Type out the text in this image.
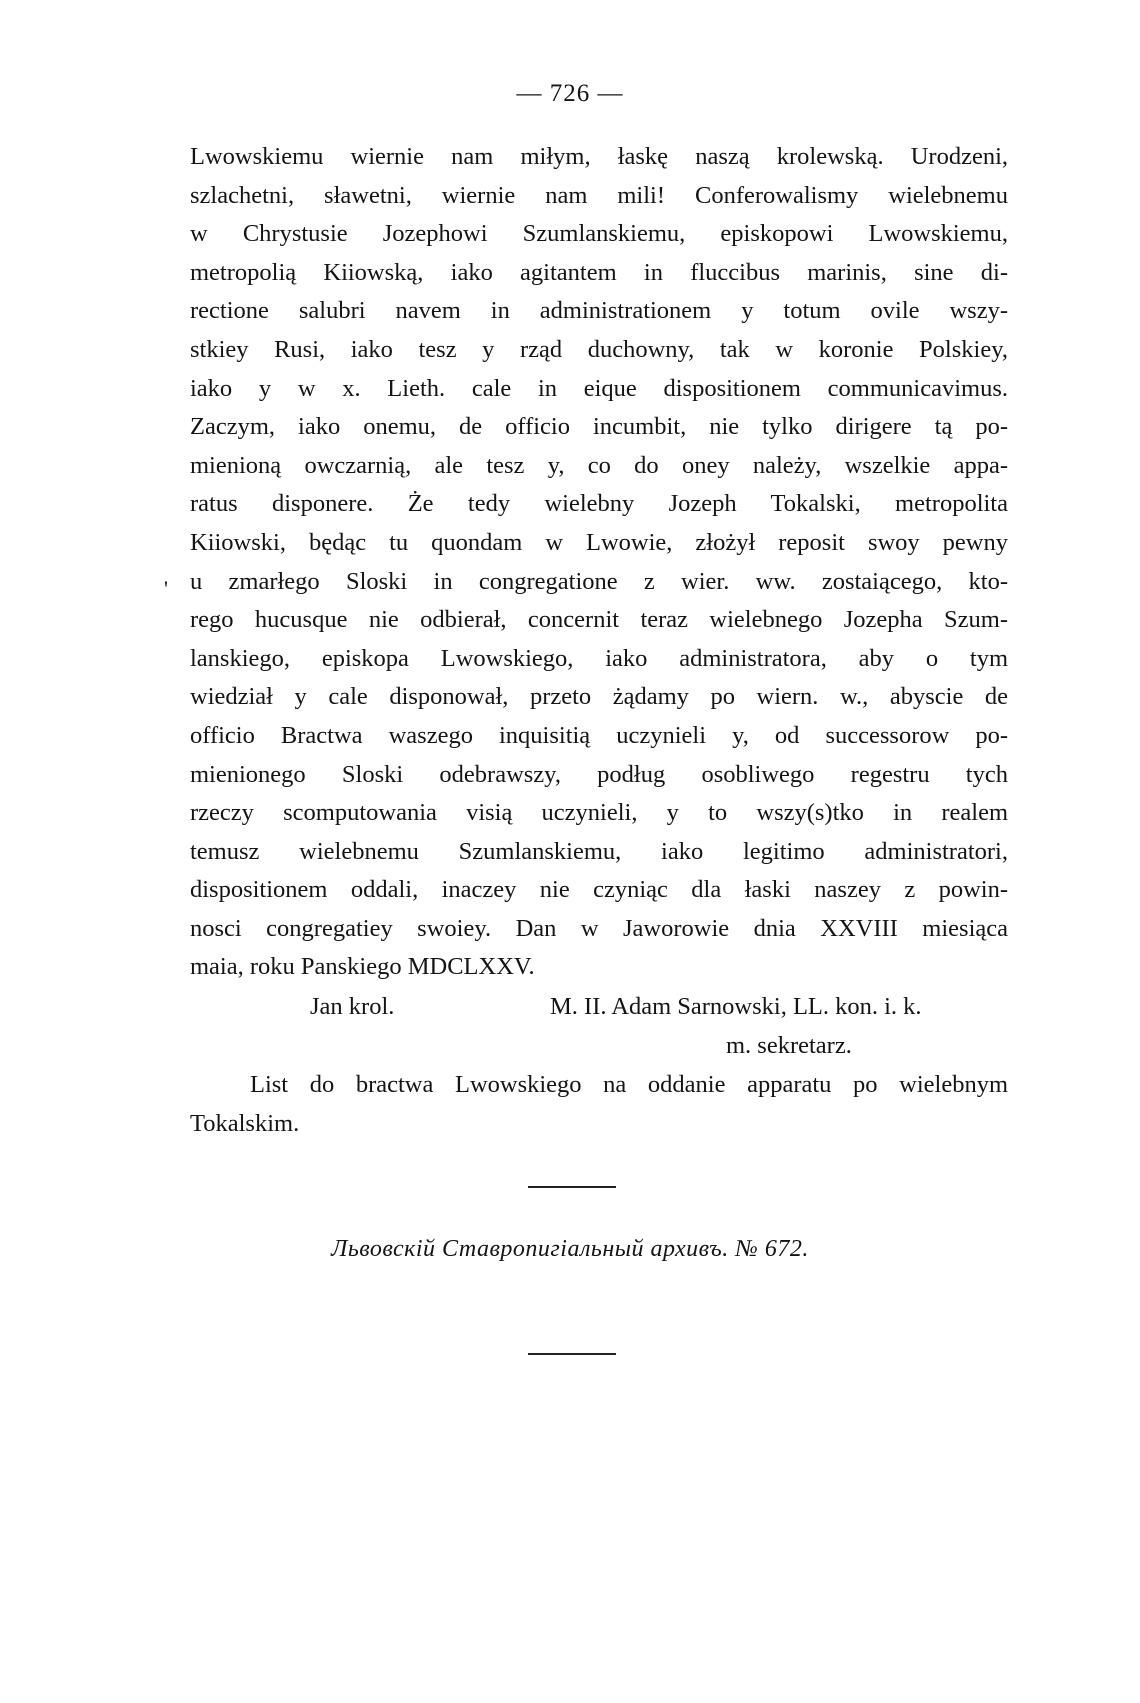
— 726 —
'
Lwowskiemu wiernie nam miłym, łaskę naszą krolewską. Urodzeni,
szlachetni, sławetni, wiernie nam mili! Conferowalismy wielebnemu
w Chrystusie Jozephowi Szumlanskiemu, episkopowi Lwowskiemu,
metropolią Kiiowską, iako agitantem in fluccibus marinis, sine di-
rectione salubri navem in administrationem y totum ovile wszy-
stkiey Rusi, iako tesz y rząd duchowny, tak w koronie Polskiey,
iako y w x. Lieth. cale in eique dispositionem communicavimus.
Zaczym, iako onemu, de officio incumbit, nie tylko dirigere tą po-
mienioną owczarnią, ale tesz y, co do oney należy, wszelkie appa-
ratus disponere. Że tedy wielebny Jozeph Tokalski, metropolita
Kiiowski, będąc tu quondam w Lwowie, złożył reposit swoy pewny
u zmarłego Sloski in congregatione z wier. ww. zostaiącego, kto-
rego hucusque nie odbierał, concernit teraz wielebnego Jozepha Szum-
lanskiego, episkopa Lwowskiego, iako administratora, aby o tym
wiedział y cale disponował, przeto żądamy po wiern. w., abyscie de
officio Bractwa waszego inquisitią uczynieli y, od successorow po-
mienionego Sloski odebrawszy, podług osobliwego regestru tych
rzeczy scomputowania visią uczynieli, y to wszy(s)tko in realem
temusz wielebnemu Szumlanskiemu, iako legitimo administratori,
dispositionem oddali, inaczey nie czyniąc dla łaski naszey z powin-
nosci congregatiey swoiey. Dan w Jaworowie dnia XXVIII miesiąca
maia, roku Panskiego MDCLXXV.
Jan krol.	M. II. Adam Sarnowski, LL. kon. i. k.
m. sekretarz.
List do bractwa Lwowskiego na oddanie apparatu po wielebnym
Tokalskim.
Львовскій Ставропигіальный архивъ. № 672.
